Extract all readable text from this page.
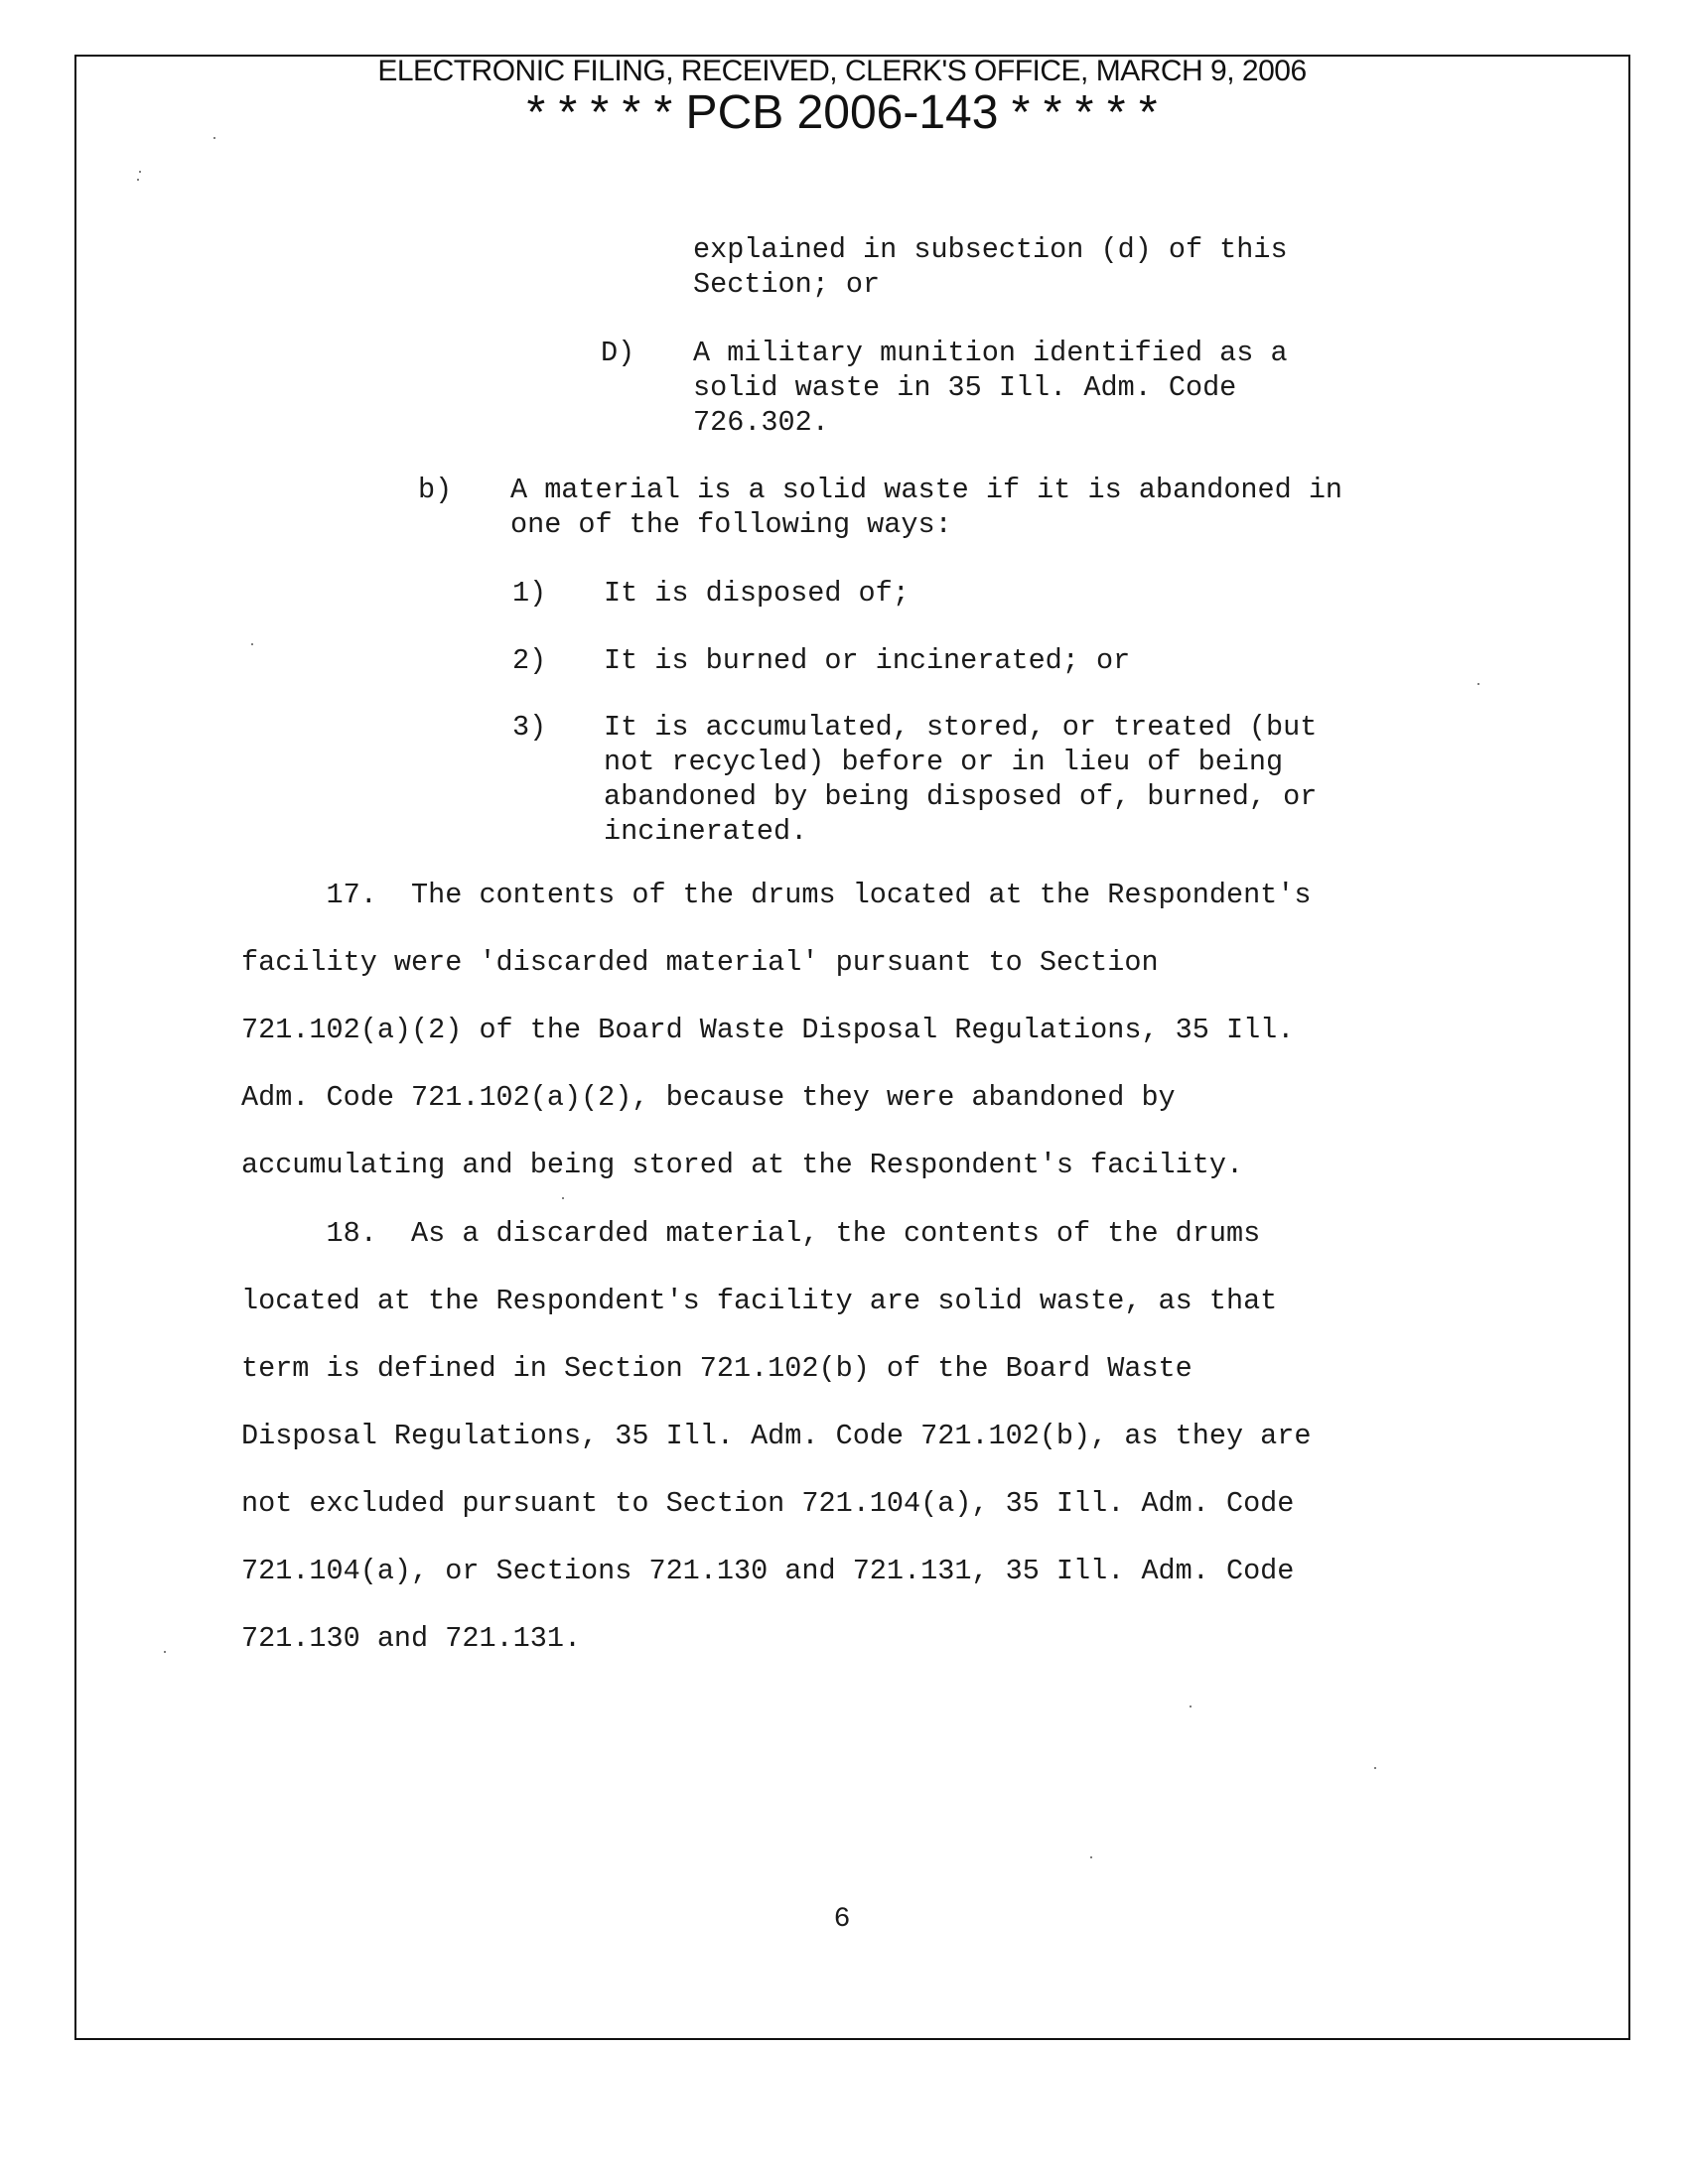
ELECTRONIC FILING, RECEIVED, CLERK'S OFFICE, MARCH 9, 2006
* * * * * PCB 2006-143 * * * * *
explained in subsection (d) of this
Section; or
D) A military munition identified as a
solid waste in 35 Ill. Adm. Code
726.302.
b) A material is a solid waste if it is abandoned in
one of the following ways:
1) It is disposed of;
2) It is burned or incinerated; or
3) It is accumulated, stored, or treated (but
not recycled) before or in lieu of being
abandoned by being disposed of, burned, or
incinerated.
17.  The contents of the drums located at the Respondent's
facility were 'discarded material' pursuant to Section
721.102(a)(2) of the Board Waste Disposal Regulations, 35 Ill.
Adm. Code 721.102(a)(2), because they were abandoned by
accumulating and being stored at the Respondent's facility.
18.  As a discarded material, the contents of the drums
located at the Respondent's facility are solid waste, as that
term is defined in Section 721.102(b) of the Board Waste
Disposal Regulations, 35 Ill. Adm. Code 721.102(b), as they are
not excluded pursuant to Section 721.104(a), 35 Ill. Adm. Code
721.104(a), or Sections 721.130 and 721.131, 35 Ill. Adm. Code
721.130 and 721.131.
6
